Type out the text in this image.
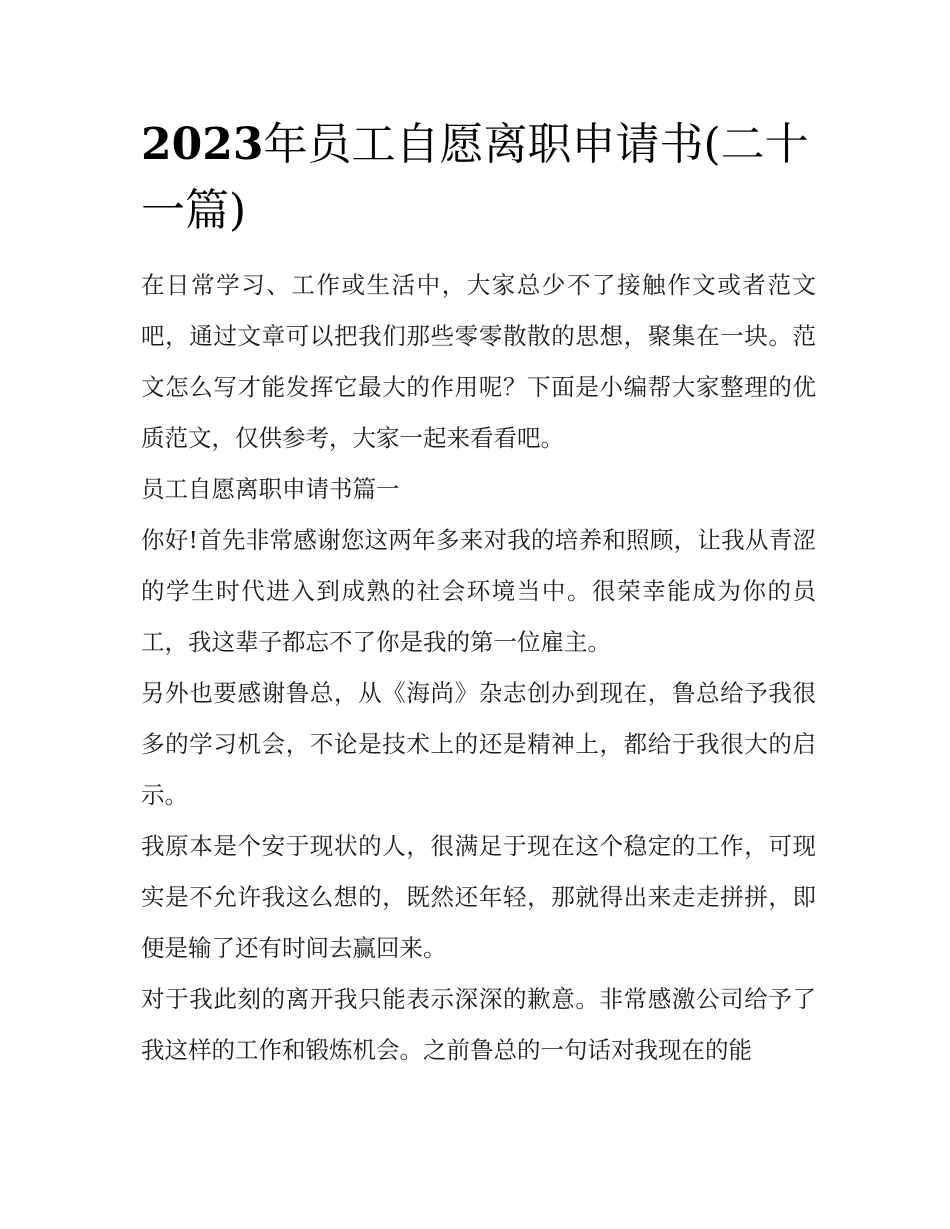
2023年员工自愿离职申请书(二十一篇)

在日常学习、工作或生活中，大家总少不了接触作文或者范文吧，通过文章可以把我们那些零零散散的思想，聚集在一块。范文怎么写才能发挥它最大的作用呢？下面是小编帮大家整理的优质范文，仅供参考，大家一起来看看吧。

员工自愿离职申请书篇一

你好!首先非常感谢您这两年多来对我的培养和照顾，让我从青涩的学生时代进入到成熟的社会环境当中。很荣幸能成为你的员工，我这辈子都忘不了你是我的第一位雇主。

另外也要感谢鲁总，从《海尚》杂志创办到现在，鲁总给予我很多的学习机会，不论是技术上的还是精神上，都给于我很大的启示。

我原本是个安于现状的人，很满足于现在这个稳定的工作，可现实是不允许我这么想的，既然还年轻，那就得出来走走拼拼，即便是输了还有时间去赢回来。

对于我此刻的离开我只能表示深深的歉意。非常感激公司给予了我这样的工作和锻炼机会。之前鲁总的一句话对我现在的能
